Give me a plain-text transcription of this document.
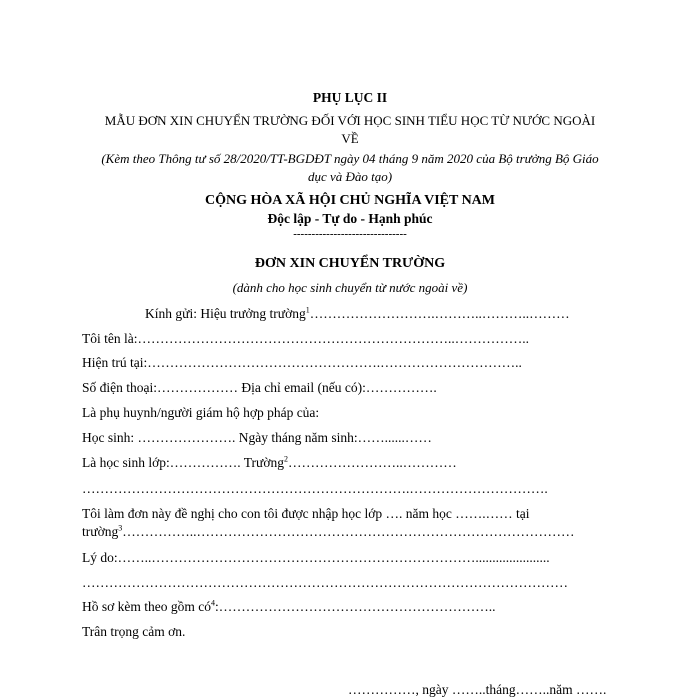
PHỤ LỤC II
MẪU ĐƠN XIN CHUYỂN TRƯỜNG ĐỐI VỚI HỌC SINH TIỂU HỌC TỪ NƯỚC NGOÀI
VỀ
(Kèm theo Thông tư số 28/2020/TT-BGDĐT ngày 04 tháng 9 năm 2020 của Bộ trưởng Bộ Giáo
dục và Đào tạo)
CỘNG HÒA XÃ HỘI CHỦ NGHĨA VIỆT NAM
Độc lập - Tự do - Hạnh phúc
-------------------------------
ĐƠN XIN CHUYỂN TRƯỜNG
(dành cho học sinh chuyển từ nước ngoài về)
Kính gửi: Hiệu trưởng trường$^1$……………………….………..………..………
Tôi tên là:……………………………………………………………..……………..
Hiện trú tại:…………………………………………….…………………………..
Số điện thoại:……………… Địa chỉ email (nếu có):…………….
Là phụ huynh/người giám hộ hợp pháp của:
Học sinh: …………………. Ngày tháng năm sinh:……......……
Là học sinh lớp:……………. Trường$^2$……………………..…………
……………………………………………………………….………………………….
Tôi làm đơn này đề nghị cho con tôi được nhập học lớp …. năm học …….…… tại
trường$^3$……………..…………………………………………………………………………
Lý do:……..………………………………………………………………......................
………………………………………………………………………………………………
Hồ sơ kèm theo gồm $có^4:\dots\dots\dots\dots\dots\dots\dots\dots\dots\dots\dots\dots\dots\dots\dots\dots\dots\dots\dots\dots$..
Trân trọng cảm ơn.
……………, ngày ……..tháng……..năm …….
